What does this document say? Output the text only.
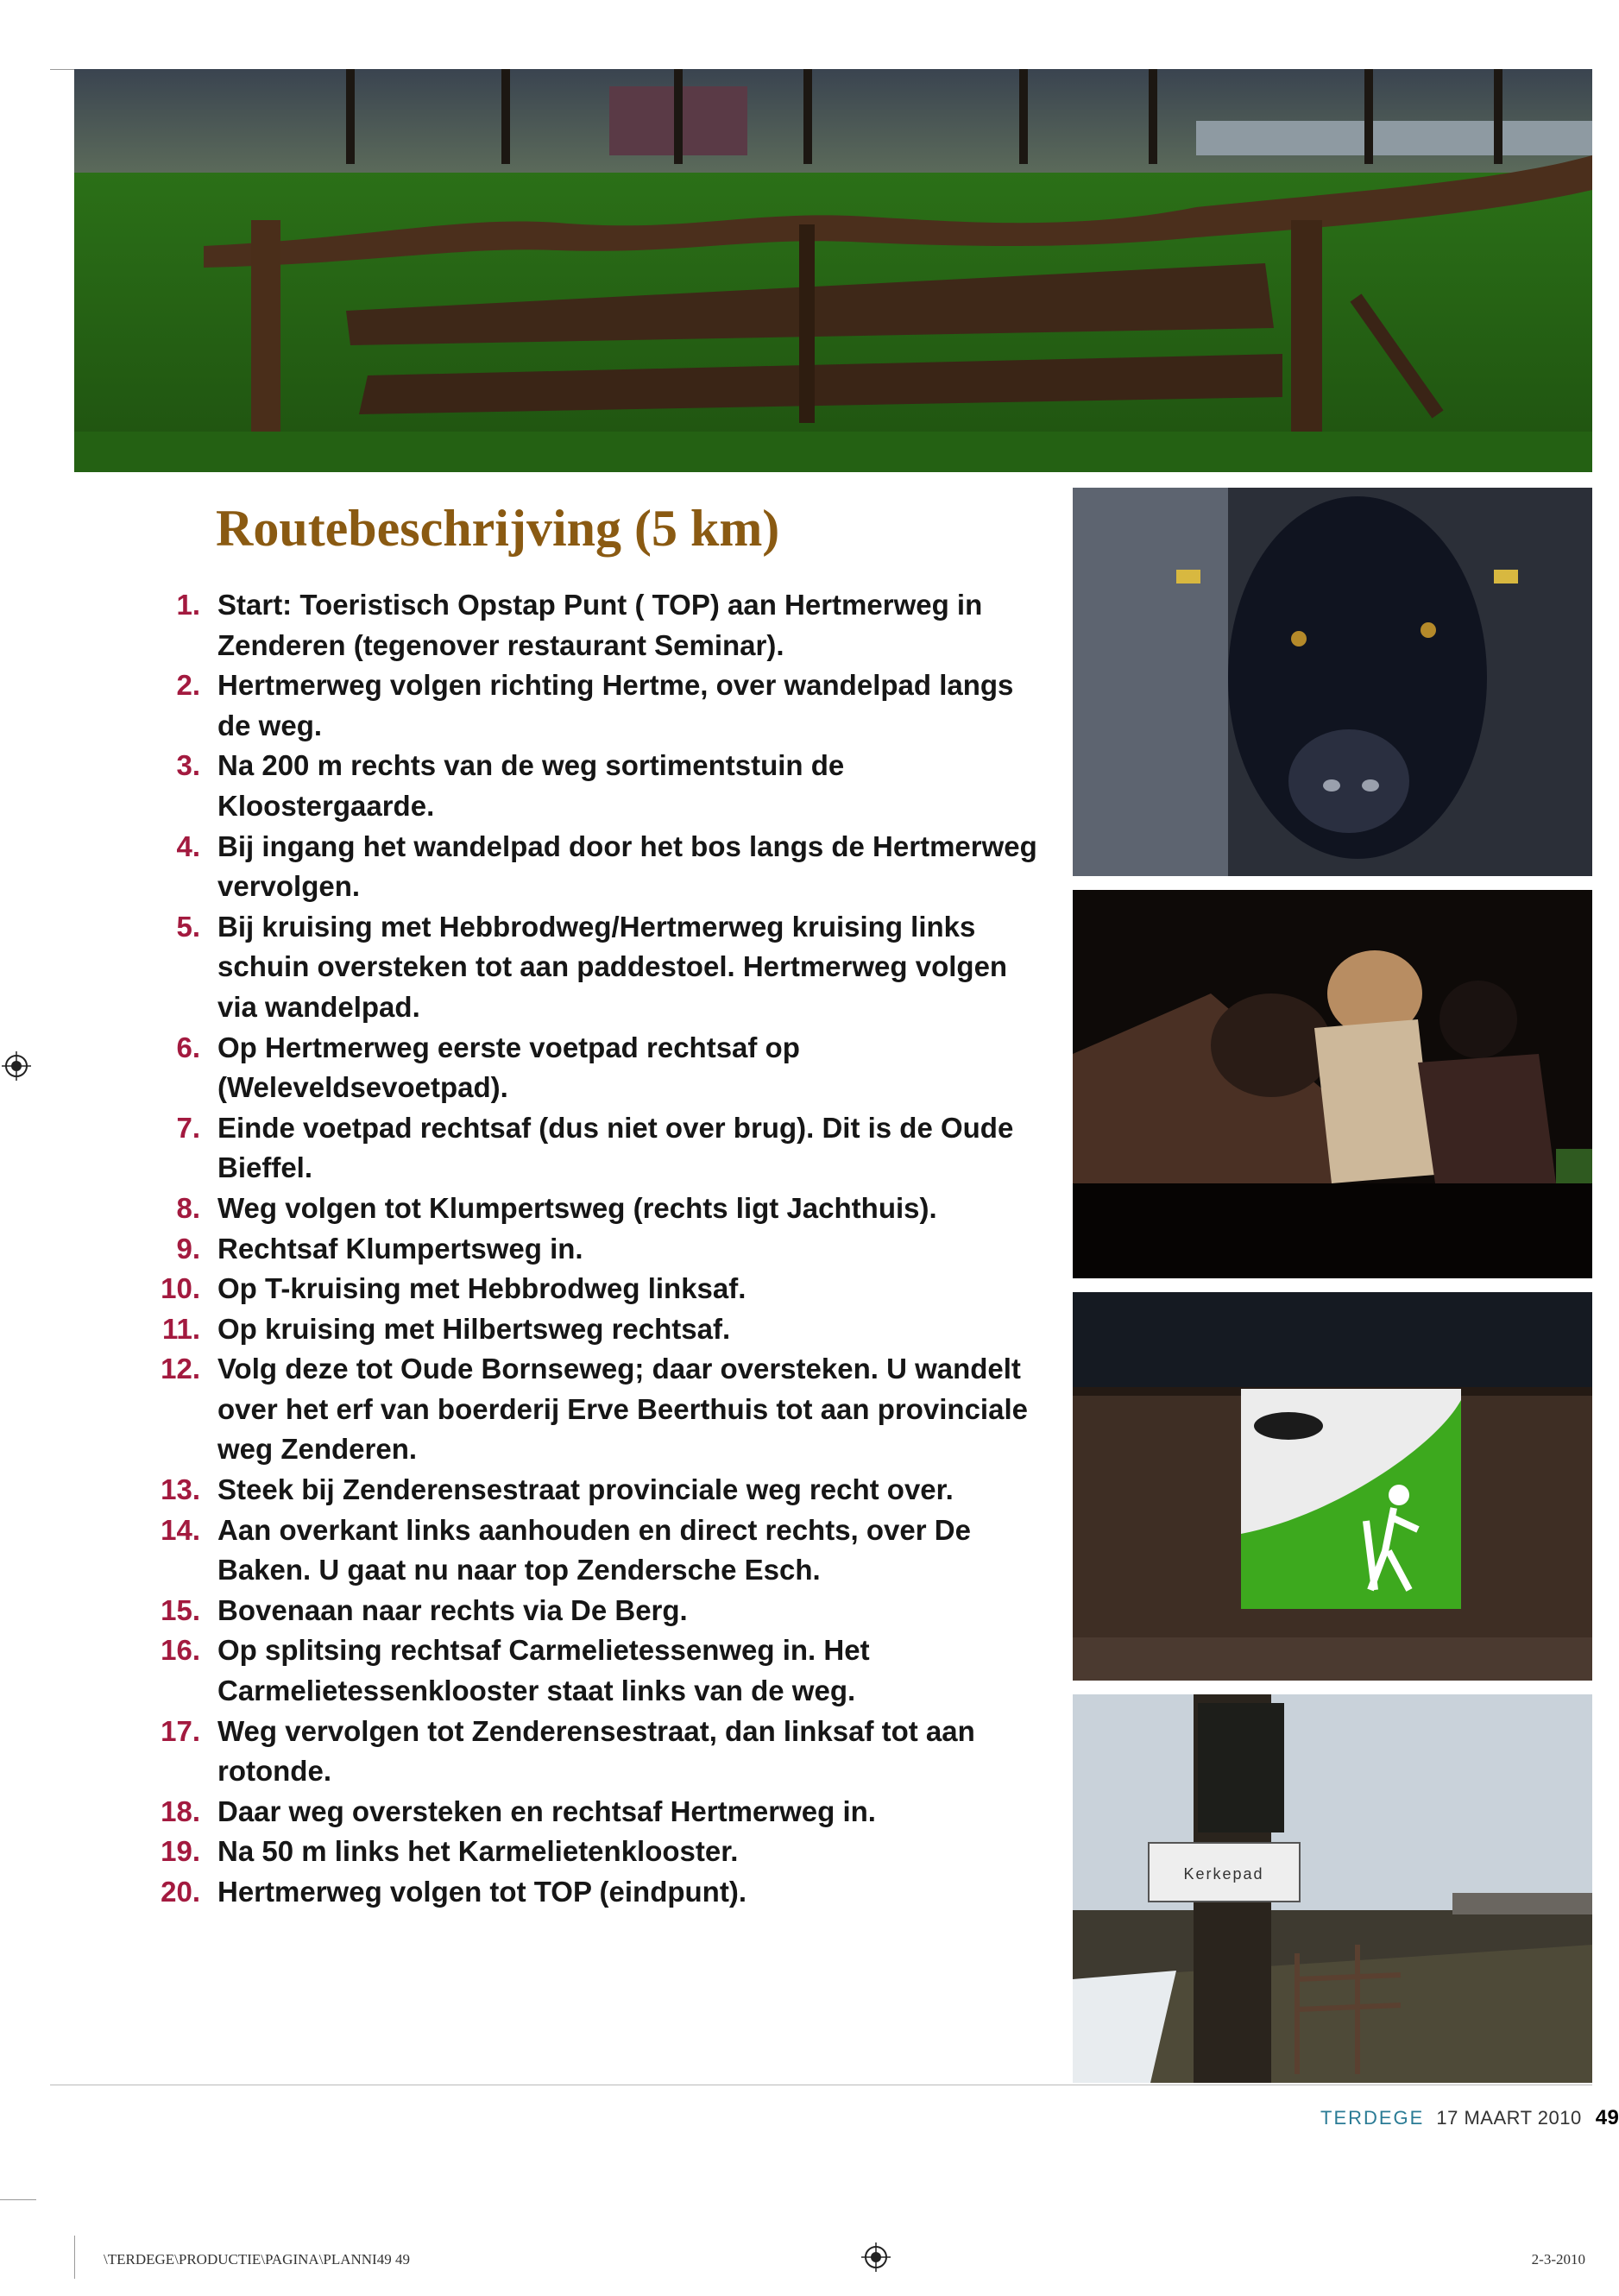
Kerkepad
Routebeschrijving (5 km)
1. Start: Toeristisch Opstap Punt ( TOP) aan Hertmerweg in Zenderen (tegenover restaurant Seminar).
2. Hertmerweg volgen richting Hertme, over wandelpad langs de weg.
3. Na 200 m rechts van de weg sortimentstuin de Kloostergaarde.
4. Bij ingang het wandelpad door het bos langs de Hertmerweg vervolgen.
5. Bij kruising met Hebbrodweg/Hertmerweg kruising links schuin oversteken tot aan paddestoel. Hertmerweg volgen via wandelpad.
6. Op Hertmerweg eerste voetpad rechtsaf op (Weleveldsevoetpad).
7. Einde voetpad rechtsaf (dus niet over brug). Dit is de Oude Bieffel.
8. Weg volgen tot Klumpertsweg (rechts ligt Jachthuis).
9. Rechtsaf Klumpertsweg in.
10. Op T-kruising met Hebbrodweg linksaf.
11. Op kruising met Hilbertsweg rechtsaf.
12. Volg deze tot Oude Bornseweg; daar oversteken. U wandelt over het erf van boerderij Erve Beerthuis tot aan provinciale weg Zenderen.
13. Steek bij Zenderensestraat provinciale weg recht over.
14. Aan overkant links aanhouden en direct rechts, over De Baken. U gaat nu naar top Zendersche Esch.
15. Bovenaan naar rechts via De Berg.
16. Op splitsing rechtsaf Carmelietessenweg in. Het Carmelietessenklooster staat links van de weg.
17. Weg vervolgen tot Zenderensestraat, dan linksaf tot aan rotonde.
18. Daar weg oversteken en rechtsaf Hertmerweg in.
19. Na 50 m links het Karmelietenklooster.
20. Hertmerweg volgen tot TOP (eindpunt).
TERDEGE 17 MAART 2010 49
\TERDEGE\PRODUCTIE\PAGINA\PLANNI49 49	2-3-2010
